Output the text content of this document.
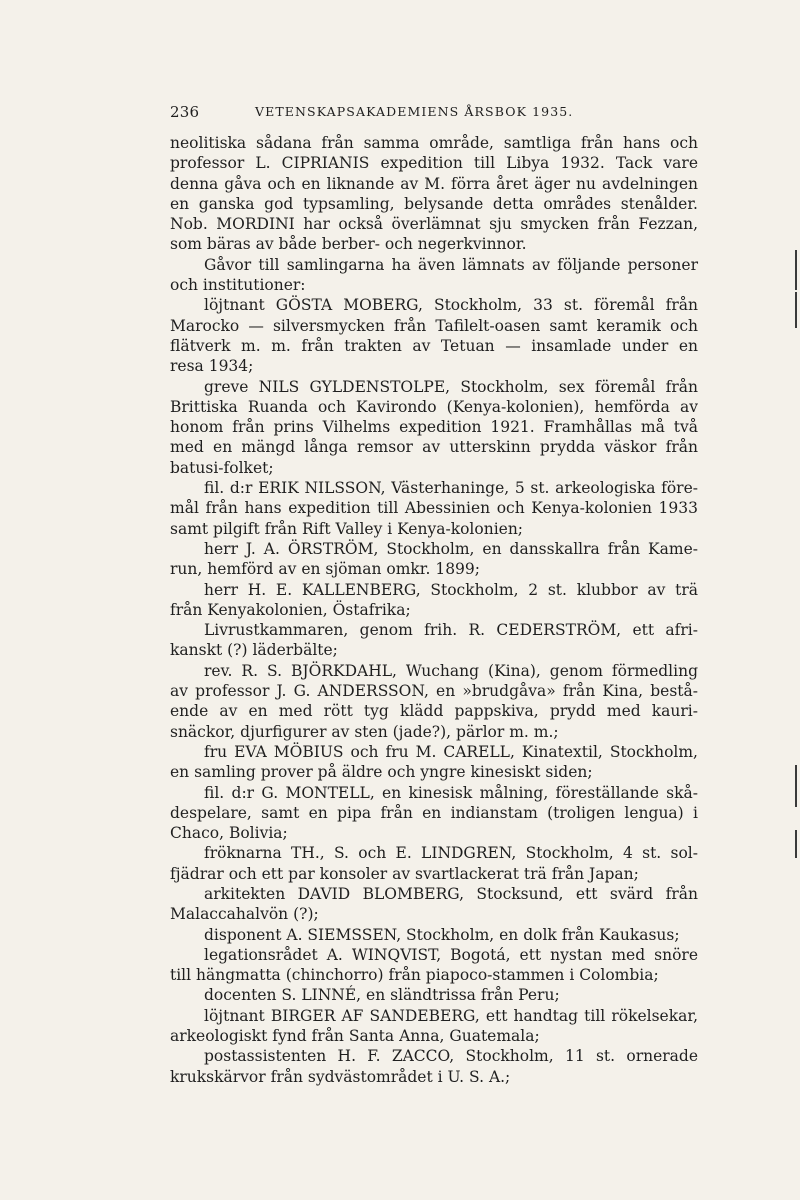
236	VETENSKAPSAKADEMIENS ÅRSBOK 1935.
neolitiska sådana från samma område, samtliga från hans och
professor L. CIPRIANIS expedition till Libya 1932. Tack vare
denna gåva och en liknande av M. förra året äger nu avdelningen
en ganska god typsamling, belysande detta områdes stenålder.
Nob. MORDINI har också överlämnat sju smycken från Fezzan,
som bäras av både berber- och negerkvinnor.
Gåvor till samlingarna ha även lämnats av följande personer
och institutioner:
löjtnant GÖSTA MOBERG, Stockholm, 33 st. föremål från
Marocko — silversmycken från Tafilelt-oasen samt keramik och
flätverk m. m. från trakten av Tetuan — insamlade under en
resa 1934;
greve NILS GYLDENSTOLPE, Stockholm, sex föremål från
Brittiska Ruanda och Kavirondo (Kenya-kolonien), hemförda av
honom från prins Vilhelms expedition 1921. Framhållas må två
med en mängd långa remsor av utterskinn prydda väskor från
batusi-folket;
fil. d:r ERIK NILSSON, Västerhaninge, 5 st. arkeologiska före-
mål från hans expedition till Abessinien och Kenya-kolonien 1933
samt pilgift från Rift Valley i Kenya-kolonien;
herr J. A. ÖRSTRÖM, Stockholm, en dansskallra från Kame-
run, hemförd av en sjöman omkr. 1899;
herr H. E. KALLENBERG, Stockholm, 2 st. klubbor av trä
från Kenyakolonien, Östafrika;
Livrustkammaren, genom frih. R. CEDERSTRÖM, ett afri-
kanskt (?) läderbälte;
rev. R. S. BJÖRKDAHL, Wuchang (Kina), genom förmedling
av professor J. G. ANDERSSON, en »brudgåva» från Kina, bestå-
ende av en med rött tyg klädd pappskiva, prydd med kauri-
snäckor, djurfigurer av sten (jade?), pärlor m. m.;
fru EVA MÖBIUS och fru M. CARELL, Kinatextil, Stockholm,
en samling prover på äldre och yngre kinesiskt siden;
fil. d:r G. MONTELL, en kinesisk målning, föreställande skå-
despelare, samt en pipa från en indianstam (troligen lengua) i
Chaco, Bolivia;
fröknarna TH., S. och E. LINDGREN, Stockholm, 4 st. sol-
fjädrar och ett par konsoler av svartlackerat trä från Japan;
arkitekten DAVID BLOMBERG, Stocksund, ett svärd från
Malaccahalvön (?);
disponent A. SIEMSSEN, Stockholm, en dolk från Kaukasus;
legationsrådet A. WINQVIST, Bogotá, ett nystan med snöre
till hängmatta (chinchorro) från piapoco-stammen i Colombia;
docenten S. LINNÉ, en sländtrissa från Peru;
löjtnant BIRGER AF SANDEBERG, ett handtag till rökelsekar,
arkeologiskt fynd från Santa Anna, Guatemala;
postassistenten H. F. ZACCO, Stockholm, 11 st. ornerade
krukskärvor från sydvästområdet i U. S. A.;
